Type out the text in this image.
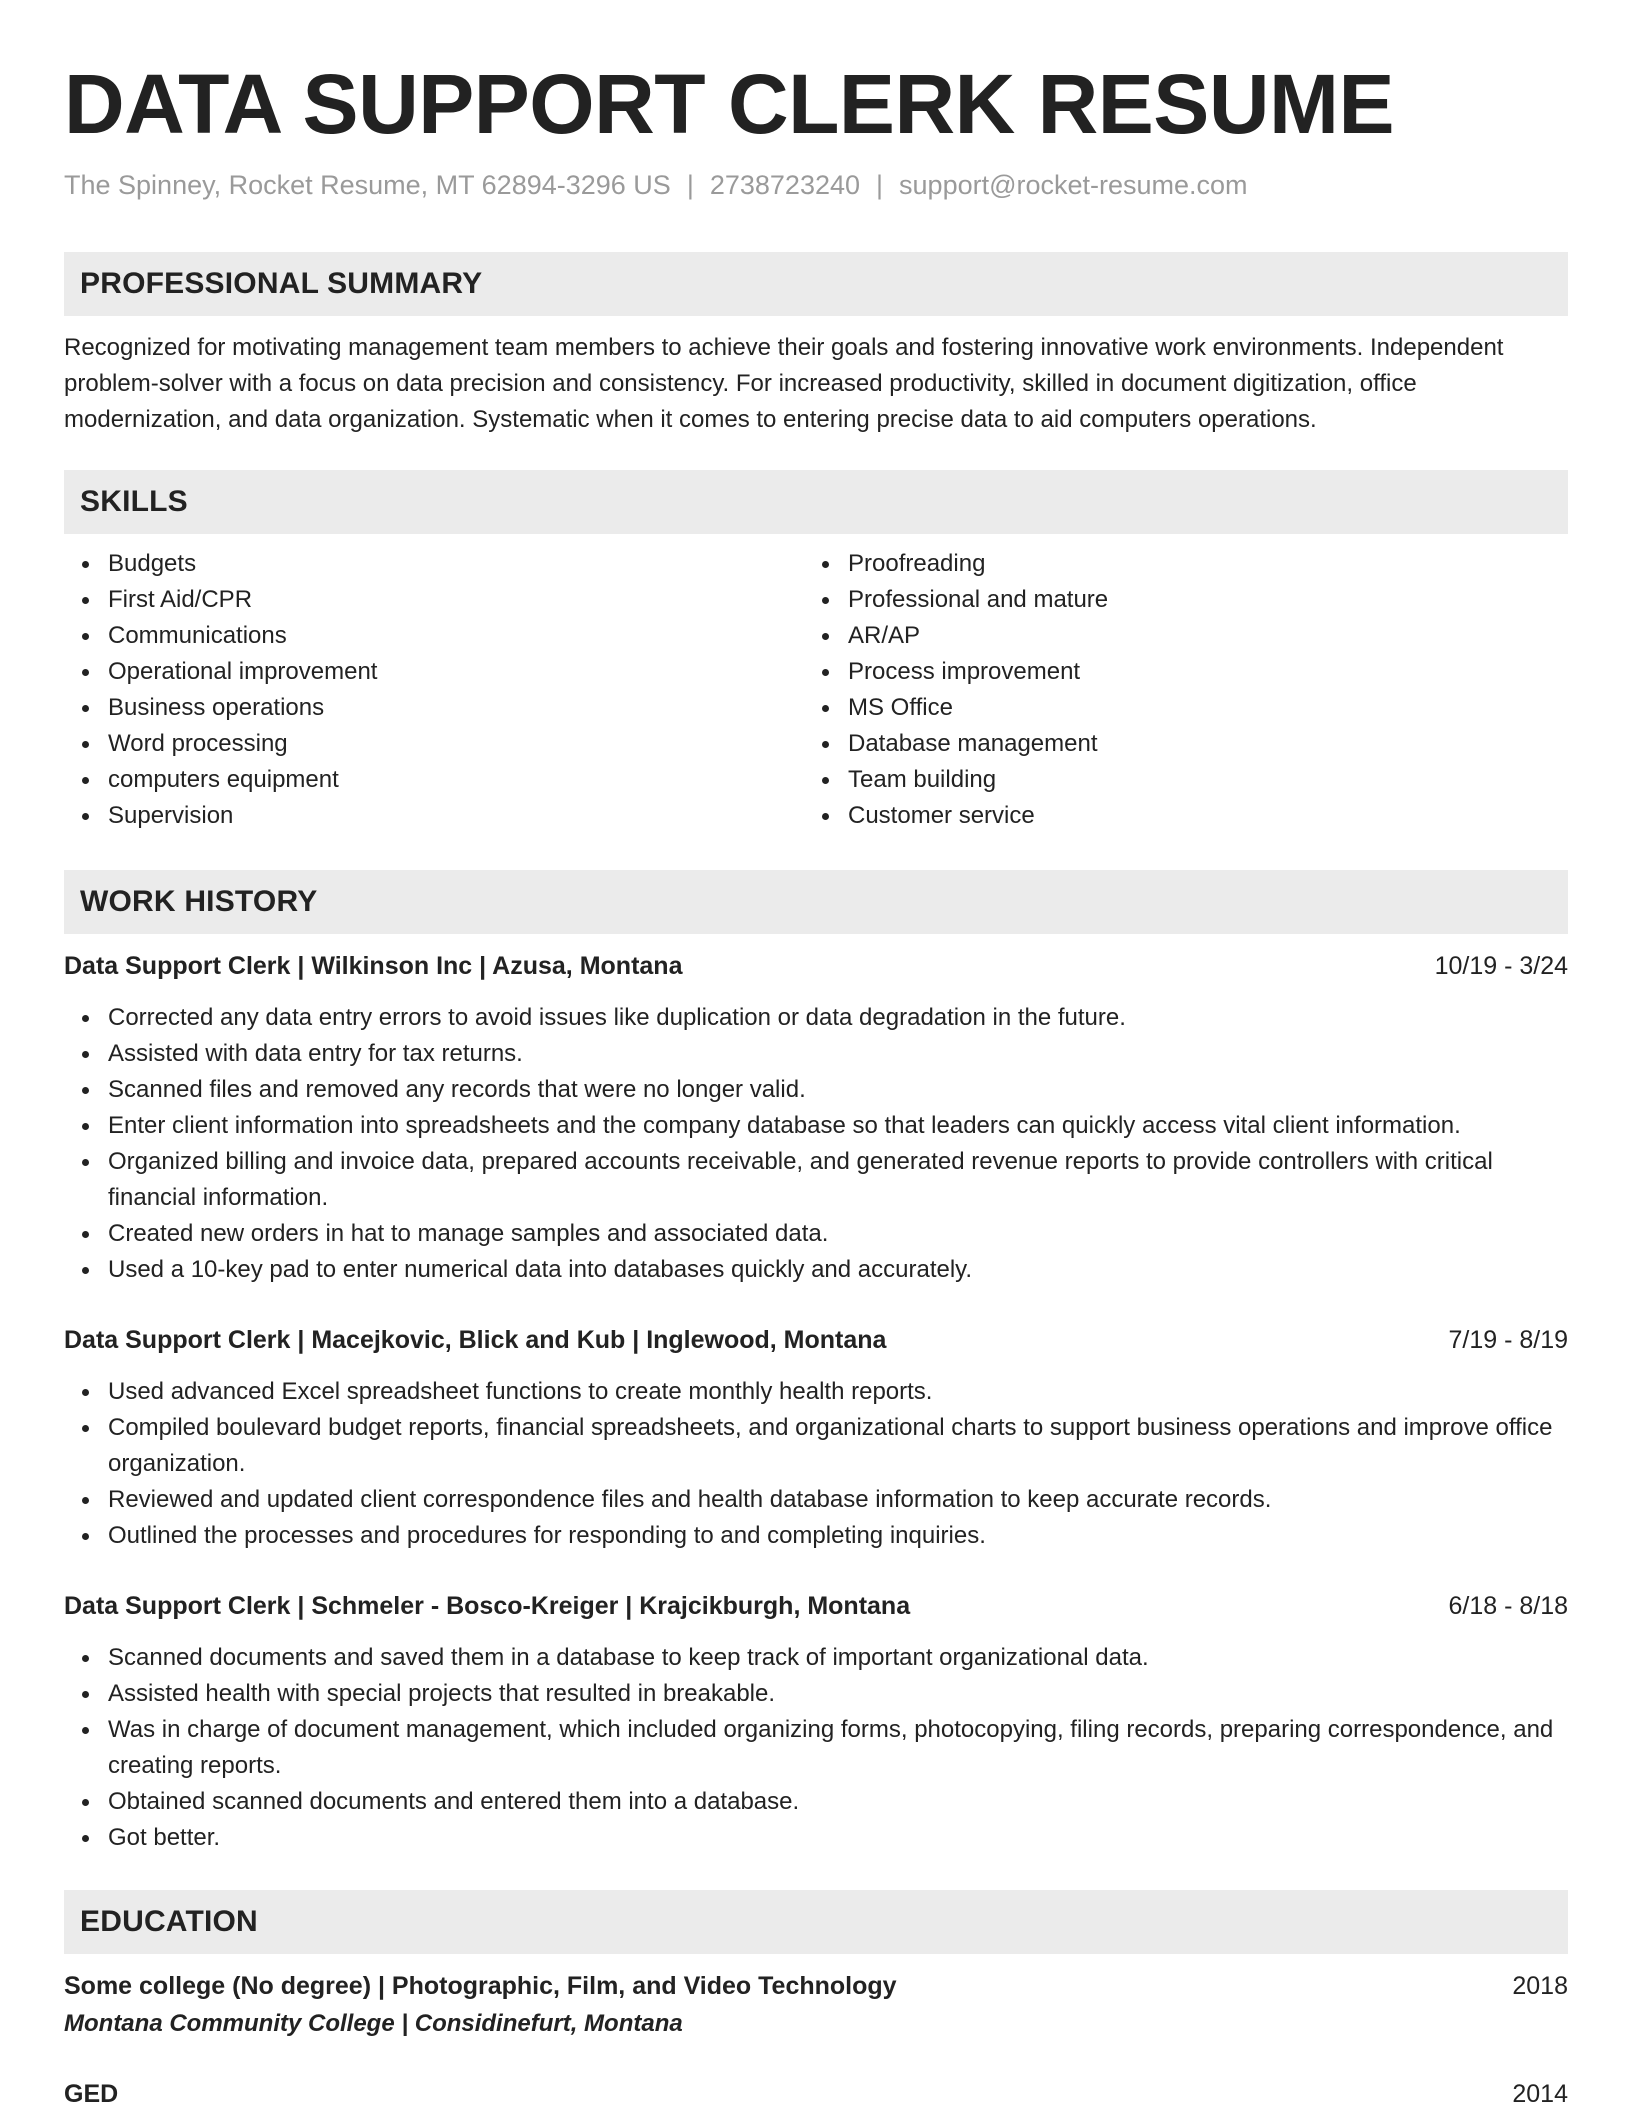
DATA SUPPORT CLERK RESUME
The Spinney, Rocket Resume, MT 62894-3296 US | 2738723240 | support@rocket-resume.com
PROFESSIONAL SUMMARY
Recognized for motivating management team members to achieve their goals and fostering innovative work environments. Independent problem-solver with a focus on data precision and consistency. For increased productivity, skilled in document digitization, office modernization, and data organization. Systematic when it comes to entering precise data to aid computers operations.
SKILLS
Budgets
First Aid/CPR
Communications
Operational improvement
Business operations
Word processing
computers equipment
Supervision
Proofreading
Professional and mature
AR/AP
Process improvement
MS Office
Database management
Team building
Customer service
WORK HISTORY
Data Support Clerk | Wilkinson Inc | Azusa, Montana	10/19 - 3/24
Corrected any data entry errors to avoid issues like duplication or data degradation in the future.
Assisted with data entry for tax returns.
Scanned files and removed any records that were no longer valid.
Enter client information into spreadsheets and the company database so that leaders can quickly access vital client information.
Organized billing and invoice data, prepared accounts receivable, and generated revenue reports to provide controllers with critical financial information.
Created new orders in hat to manage samples and associated data.
Used a 10-key pad to enter numerical data into databases quickly and accurately.
Data Support Clerk | Macejkovic, Blick and Kub | Inglewood, Montana	7/19 - 8/19
Used advanced Excel spreadsheet functions to create monthly health reports.
Compiled boulevard budget reports, financial spreadsheets, and organizational charts to support business operations and improve office organization.
Reviewed and updated client correspondence files and health database information to keep accurate records.
Outlined the processes and procedures for responding to and completing inquiries.
Data Support Clerk | Schmeler - Bosco-Kreiger | Krajcikburgh, Montana	6/18 - 8/18
Scanned documents and saved them in a database to keep track of important organizational data.
Assisted health with special projects that resulted in breakable.
Was in charge of document management, which included organizing forms, photocopying, filing records, preparing correspondence, and creating reports.
Obtained scanned documents and entered them into a database.
Got better.
EDUCATION
Some college (No degree) | Photographic, Film, and Video Technology	2018
Montana Community College | Considinefurt, Montana
GED	2014
